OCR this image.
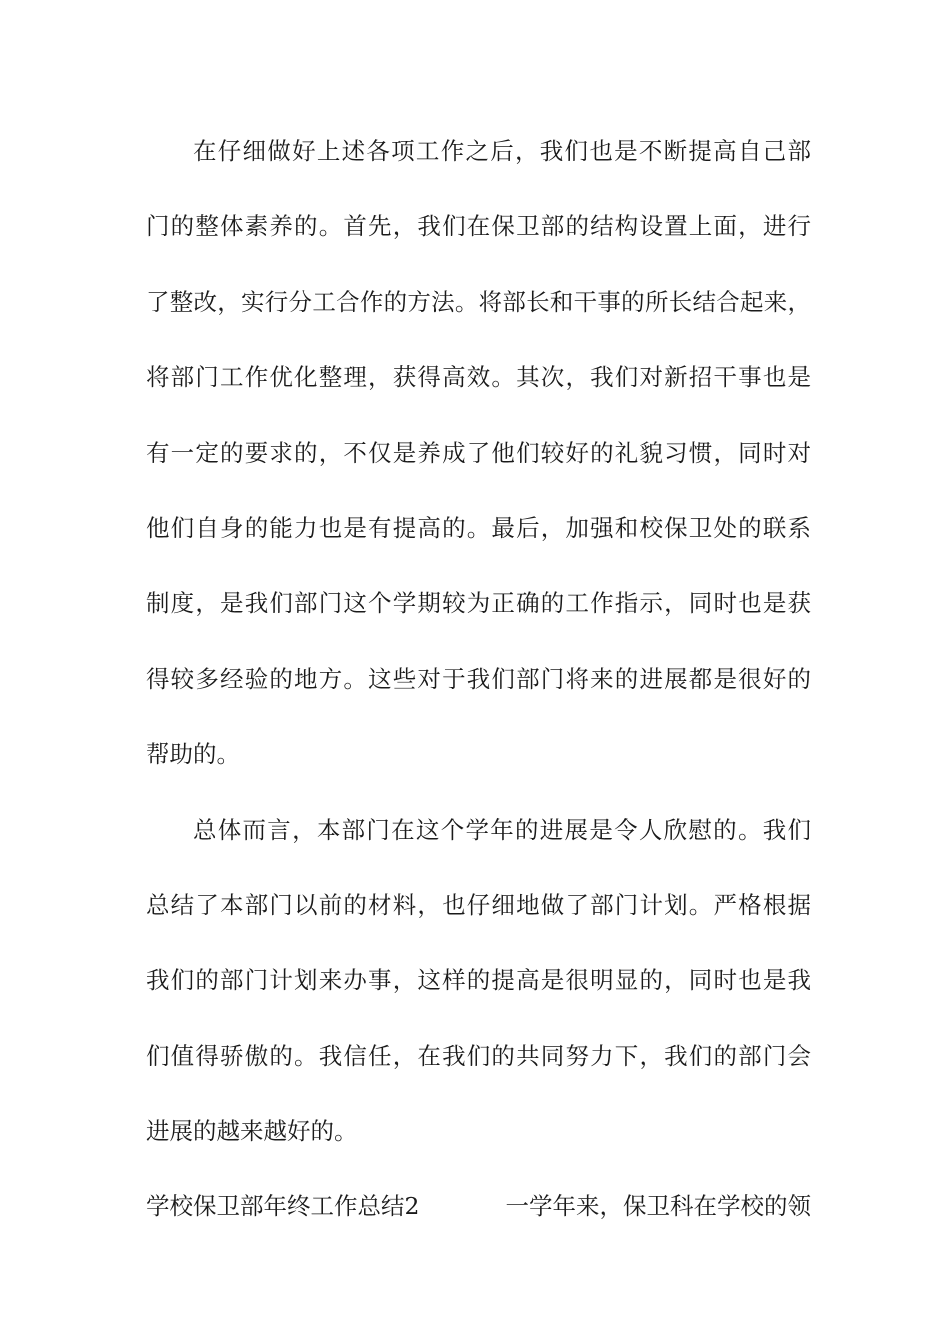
在仔细做好上述各项工作之后，我们也是不断提高自己部
门的整体素养的。首先，我们在保卫部的结构设置上面，进行
了整改，实行分工合作的方法。将部长和干事的所长结合起来，
将部门工作优化整理，获得高效。其次，我们对新招干事也是
有一定的要求的，不仅是养成了他们较好的礼貌习惯，同时对
他们自身的能力也是有提高的。最后，加强和校保卫处的联系
制度，是我们部门这个学期较为正确的工作指示，同时也是获
得较多经验的地方。这些对于我们部门将来的进展都是很好的
帮助的。
总体而言，本部门在这个学年的进展是令人欣慰的。我们
总结了本部门以前的材料，也仔细地做了部门计划。严格根据
我们的部门计划来办事，这样的提高是很明显的，同时也是我
们值得骄傲的。我信任，在我们的共同努力下，我们的部门会
进展的越来越好的。
学校保卫部年终工作总结2	一学年来，保卫科在学校的领
